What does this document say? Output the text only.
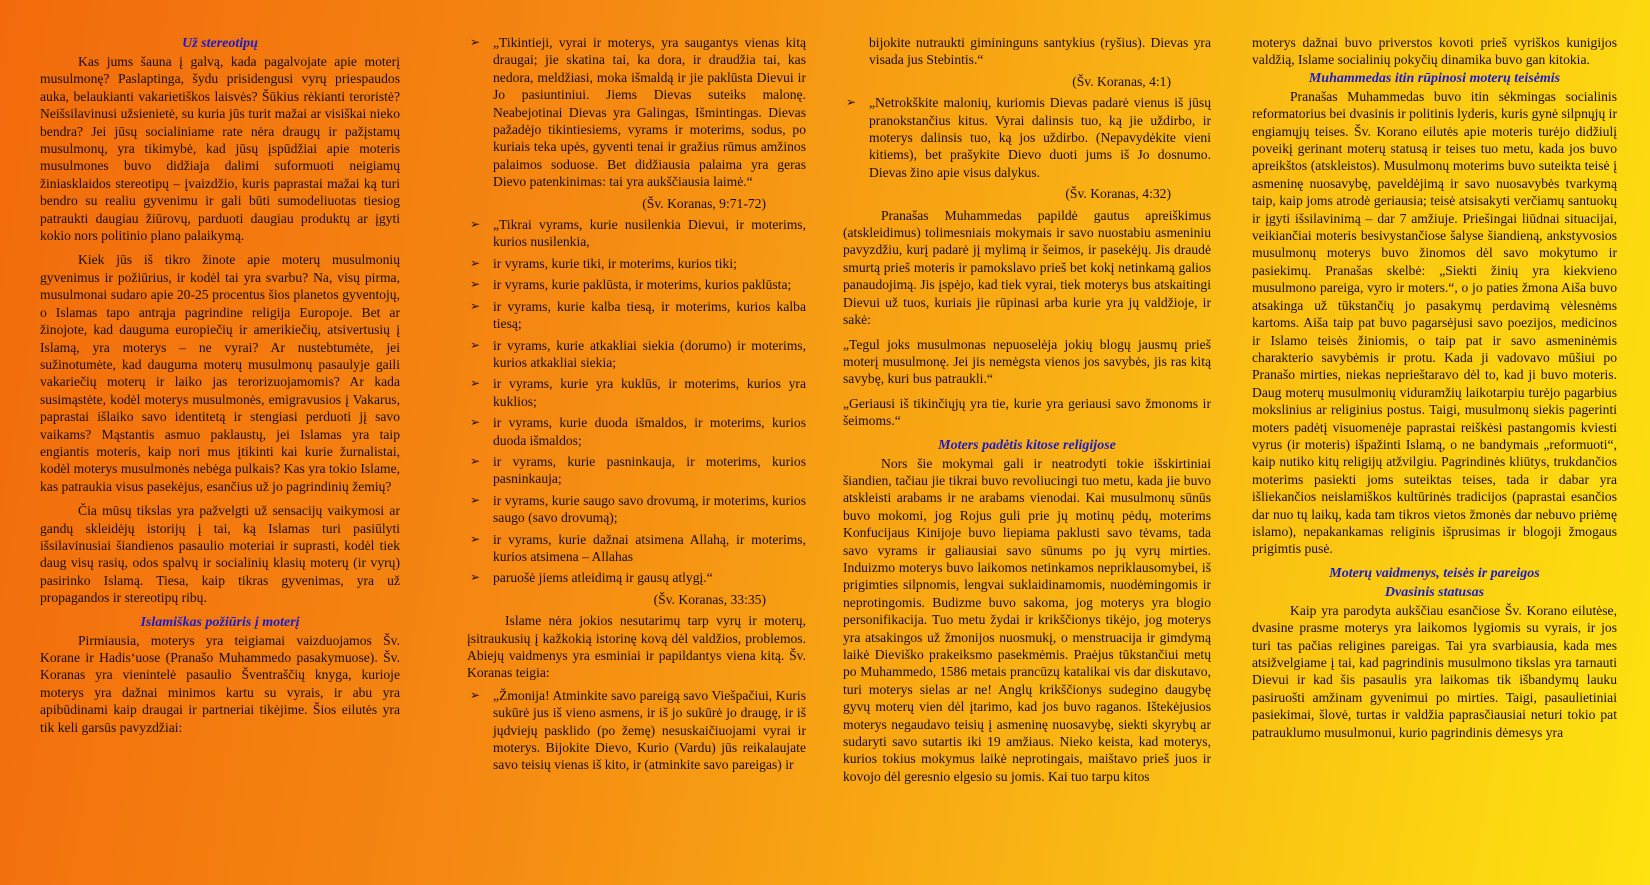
Už stereotipų

Kas jums šauna į galvą, kada pagalvojate apie moterį musulmonę? Paslaptinga, šydu prisidengusi vyrų priespaudos auka, belaukianti vakarietiškos laisvės? Šūkius rėkianti teroristė? Neišsilavinusi užsienietė, su kuria jūs turit mažai ar visiškai nieko bendra? Jei jūsų socialiniame rate nėra draugų ir pažįstamų musulmonų, yra tikimybė, kad jūsų įspūdžiai apie moteris musulmones buvo didžiaja dalimi suformuoti neigiamų žiniasklaidos stereotipų – įvaizdžio, kuris paprastai mažai ką turi bendro su realiu gyvenimu ir gali būti sumodeliuotas tiesiog patraukti daugiau žiūrovų, parduoti daugiau produktų ar įgyti kokio nors politinio plano palaikymą.

Kiek jūs iš tikro žinote apie moterų musulmonių gyvenimus ir požiūrius, ir kodėl tai yra svarbu? Na, visų pirma, musulmonai sudaro apie 20-25 procentus šios planetos gyventojų, o Islamas tapo antrąja pagrindine religija Europoje. Bet ar žinojote, kad dauguma europiečių ir amerikiečių, atsivertusių į Islamą, yra moterys – ne vyrai? Ar nustebtumėte, jei sužinotumėte, kad dauguma moterų musulmonų pasaulyje gaili vakariečių moterų ir laiko jas terorizuojamomis? Ar kada susimąstėte, kodėl moterys musulmonės, emigravusios į Vakarus, paprastai išlaiko savo identitetą ir stengiasi perduoti jį savo vaikams? Mąstantis asmuo paklaustų, jei Islamas yra taip engiantis moteris, kaip nori mus įtikinti kai kurie žurnalistai, kodėl moterys musulmonės nebėga pulkais? Kas yra tokio Islame, kas patraukia visus pasekėjus, esančius už jo pagrindinių žemių?

Čia mūsų tikslas yra pažvelgti už sensacijų vaikymosi ar gandų skleidėjų istorijų į tai, ką Islamas turi pasiūlyti išsilavinusiai šiandienos pasaulio moteriai ir suprasti, kodėl tiek daug visų rasių, odos spalvų ir socialinių klasių moterų (ir vyrų) pasirinko Islamą. Tiesa, kaip tikras gyvenimas, yra už propagandos ir stereotipų ribų.

Islamiškas požiūris į moterį

Pirmiausia, moterys yra teigiamai vaizduojamos Šv. Korane ir Hadis‘uose (Pranašo Muhammedo pasakymuose). Šv. Koranas yra vienintelė pasaulio Šventraščių knyga, kurioje moterys yra dažnai minimos kartu su vyrais, ir abu yra apibūdinami kaip draugai ir partneriai tikėjime. Šios eilutės yra tik keli garsūs pavyzdžiai:

➢ „Tikintieji, vyrai ir moterys, yra saugantys vienas kitą draugai; jie skatina tai, ka dora, ir draudžia tai, kas nedora, meldžiasi, moka išmaldą ir jie paklūsta Dievui ir Jo pasiuntiniui. Jiems Dievas suteiks malonę. Neabejotinai Dievas yra Galingas, Išmintingas. Dievas pažadėjo tikintiesiems, vyrams ir moterims, sodus, po kuriais teka upės, gyventi tenai ir gražius rūmus amžinos palaimos soduose. Bet didžiausia palaima yra geras Dievo patenkinimas: tai yra aukščiausia laimė.“
(Šv. Koranas, 9:71-72)
➢ „Tikrai vyrams, kurie nusilenkia Dievui, ir moterims, kurios nusilenkia,
➢ ir vyrams, kurie tiki, ir moterims, kurios tiki;
➢ ir vyrams, kurie paklūsta, ir moterims, kurios paklūsta;
➢ ir vyrams, kurie kalba tiesą, ir moterims, kurios kalba tiesą;
➢ ir vyrams, kurie atkakliai siekia (dorumo) ir moterims, kurios atkakliai siekia;
➢ ir vyrams, kurie yra kuklūs, ir moterims, kurios yra kuklios;
➢ ir vyrams, kurie duoda išmaldos, ir moterims, kurios duoda išmaldos;
➢ ir vyrams, kurie pasninkauja, ir moterims, kurios pasninkauja;
➢ ir vyrams, kurie saugo savo drovumą, ir moterims, kurios saugo (savo drovumą);
➢ ir vyrams, kurie dažnai atsimena Allahą, ir moterims, kurios atsimena – Allahas
➢ paruošė jiems atleidimą ir gausų atlygį.“
(Šv. Koranas, 33:35)

Islame nėra jokios nesutarimų tarp vyrų ir moterų, įsitraukusių į kažkokią istorinę kovą dėl valdžios, problemos. Abiejų vaidmenys yra esminiai ir papildantys viena kitą. Šv. Koranas teigia:

➢ „Žmonija! Atminkite savo pareigą savo Viešpačiui, Kuris sukūrė jus iš vieno asmens, ir iš jo sukūrė jo draugę, ir iš jųdviejų pasklido (po žemę) nesuskaičiuojami vyrai ir moterys. Bijokite Dievo, Kurio (Vardu) jūs reikalaujate savo teisių vienas iš kito, ir (atminkite savo pareigas) ir

bijokite nutraukti gimininguns santykius (ryšius). Dievas yra visada jus Stebintis.“

(Šv. Koranas, 4:1)
➢ „Netrokškite malonių, kuriomis Dievas padarė vienus iš jūsų pranokstančius kitus. Vyrai dalinsis tuo, ką jie uždirbo, ir moterys dalinsis tuo, ką jos uždirbo. (Nepavydėkite vieni kitiems), bet prašykite Dievo duoti jums iš Jo dosnumo. Dievas žino apie visus dalykus.
(Šv. Koranas, 4:32)

Pranašas Muhammedas papildė gautus apreiškimus (atskleidimus) tolimesniais mokymais ir savo nuostabiu asmeniniu pavyzdžiu, kurį padarė jį mylimą ir šeimos, ir pasekėjų. Jis draudė smurtą prieš moteris ir pamokslavo prieš bet kokį netinkamą galios panaudojimą. Jis įspėjo, kad tiek vyrai, tiek moterys bus atskaitingi Dievui už tuos, kuriais jie rūpinasi arba kurie yra jų valdžioje, ir sakė:

„Tegul joks musulmonas nepuoselėja jokių blogų jausmų prieš moterį musulmonę. Jei jis nemėgsta vienos jos savybės, jis ras kitą savybę, kuri bus patraukli.“

„Geriausi iš tikinčiųjų yra tie, kurie yra geriausi savo žmonoms ir šeimoms.“

Moters padėtis kitose religijose

Nors šie mokymai gali ir neatrodyti tokie išskirtiniai šiandien, tačiau jie tikrai buvo revoliucingi tuo metu, kada jie buvo atskleisti arabams ir ne arabams vienodai. Kai musulmonų sūnūs buvo mokomi, jog Rojus guli prie jų motinų pėdų, moterims Konfucijaus Kinijoje buvo liepiama paklusti savo tėvams, tada savo vyrams ir galiausiai savo sūnums po jų vyrų mirties. Induizmo moterys buvo laikomos netinkamos nepriklausomybei, iš prigimties silpnomis, lengvai suklaidinamomis, nuodėmingomis ir neprotingomis. Budizme buvo sakoma, jog moterys yra blogio personifikacija. Tuo metu žydai ir krikščionys tikėjo, jog moterys yra atsakingos už žmonijos nuosmukį, o menstruacija ir gimdymą laikė Dieviško prakeiksmo pasekmėmis. Praėjus tūkstančiui metų po Muhammedo, 1586 metais prancūzų katalikai vis dar diskutavo, turi moterys sielas ar ne! Anglų krikščionys sudegino daugybę gyvų moterų vien dėl įtarimo, kad jos buvo raganos. Ištekėjusios moterys negaudavo teisių į asmeninę nuosavybę, siekti skyrybų ar sudaryti savo sutartis iki 19 amžiaus. Nieko keista, kad moterys, kurios tokius mokymus laikė neprotingais, maištavo prieš juos ir kovojo dėl geresnio elgesio su jomis. Kai tuo tarpu kitos

moterys dažnai buvo priverstos kovoti prieš vyriškos kunigijos valdžią, Islame socialinių pokyčių dinamika buvo gan kitokia.

Muhammedas itin rūpinosi moterų teisėmis

Pranašas Muhammedas buvo itin sėkmingas socialinis reformatorius bei dvasinis ir politinis lyderis, kuris gynė silpnųjų ir engiamųjų teises. Šv. Korano eilutės apie moteris turėjo didžiulį poveikį gerinant moterų statusą ir teises tuo metu, kada jos buvo apreikštos (atskleistos). Musulmonų moterims buvo suteikta teisė į asmeninę nuosavybę, paveldėjimą ir savo nuosavybės tvarkymą taip, kaip joms atrodė geriausia; teisė atsisakyti verčiamų santuokų ir įgyti išsilavinimą – dar 7 amžiuje. Priešingai liūdnai situacijai, veikiančiai moteris besivystančiose šalyse šiandieną, ankstyvosios musulmonų moterys buvo žinomos dėl savo mokytumo ir pasiekimų. Pranašas skelbė: „Siekti žinių yra kiekvieno musulmono pareiga, vyro ir moters.“, o jo paties žmona Aiša buvo atsakinga už tūkstančių jo pasakymų perdavimą vėlesnėms kartoms. Aiša taip pat buvo pagarsėjusi savo poezijos, medicinos ir Islamo teisės žiniomis, o taip pat ir savo asmeninėmis charakterio savybėmis ir protu. Kada ji vadovavo mūšiui po Pranašo mirties, niekas neprieštaravo dėl to, kad ji buvo moteris. Daug moterų musulmonių viduramžių laikotarpiu turėjo pagarbius mokslinius ar religinius postus. Taigi, musulmonų siekis pagerinti moters padėtį visuomenėje paprastai reiškėsi pastangomis kviesti vyrus (ir moteris) išpažinti Islamą, o ne bandymais „reformuoti“, kaip nutiko kitų religijų atžvilgiu. Pagrindinės kliūtys, trukdančios moterims pasiekti joms suteiktas teises, tada ir dabar yra išliekančios neislamiškos kultūrinės tradicijos (paprastai esančios dar nuo tų laikų, kada tam tikros vietos žmonės dar nebuvo priėmę islamo), nepakankamas religinis išprusimas ir blogoji žmogaus prigimtis pusė.

Moterų vaidmenys, teisės ir pareigos
Dvasinis statusas

Kaip yra parodyta aukščiau esančiose Šv. Korano eilutėse, dvasine prasme moterys yra laikomos lygiomis su vyrais, ir jos turi tas pačias religines pareigas. Tai yra svarbiausia, kada mes atsižvelgiame į tai, kad pagrindinis musulmono tikslas yra tarnauti Dievui ir kad šis pasaulis yra laikomas tik išbandymų lauku pasiruošti amžinam gyvenimui po mirties. Taigi, pasaulietiniai pasiekimai, šlovė, turtas ir valdžia paprasčiausiai neturi tokio pat patrauklumo musulmonui, kurio pagrindinis dėmesys yra
